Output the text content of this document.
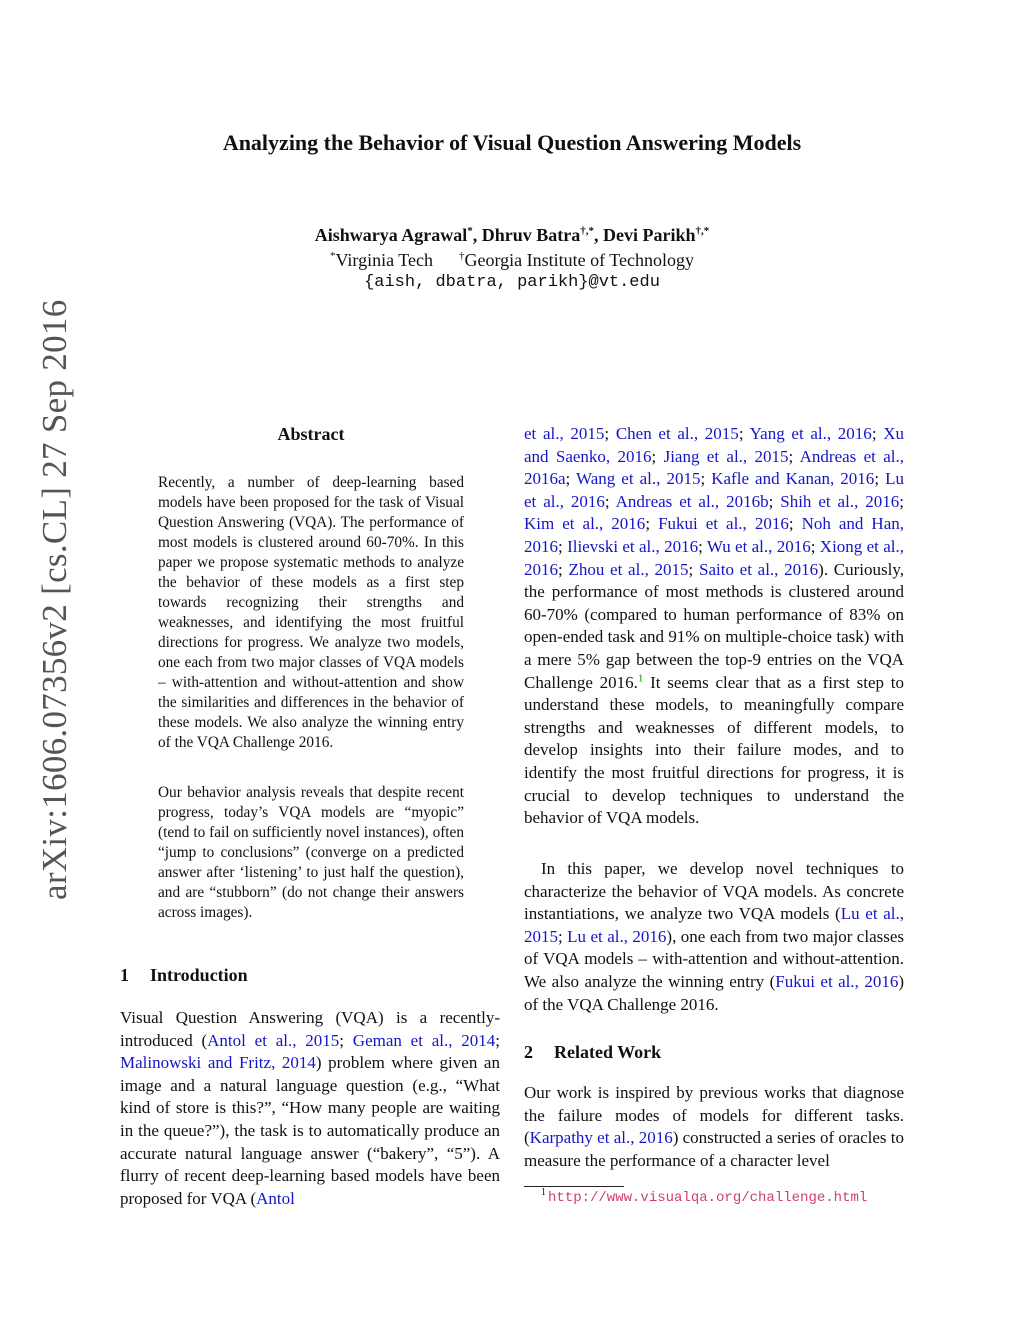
arXiv:1606.07356v2 [cs.CL] 27 Sep 2016
Analyzing the Behavior of Visual Question Answering Models
Aishwarya Agrawal*, Dhruv Batra†,*, Devi Parikh†,*
*Virginia Tech †Georgia Institute of Technology
{aish, dbatra, parikh}@vt.edu
Abstract

Recently, a number of deep-learning based models have been proposed for the task of Visual Question Answering (VQA). The performance of most models is clustered around 60-70%. In this paper we propose systematic methods to analyze the behavior of these models as a first step towards recognizing their strengths and weaknesses, and identifying the most fruitful directions for progress. We analyze two models, one each from two major classes of VQA models – with-attention and without-attention and show the similarities and differences in the behavior of these models. We also analyze the winning entry of the VQA Challenge 2016.

Our behavior analysis reveals that despite recent progress, today’s VQA models are “myopic” (tend to fail on sufficiently novel instances), often “jump to conclusions” (converge on a predicted answer after ‘listening’ to just half the question), and are “stubborn” (do not change their answers across images).

1 Introduction

Visual Question Answering (VQA) is a recently-introduced (Antol et al., 2015; Geman et al., 2014; Malinowski and Fritz, 2014) problem where given an image and a natural language question (e.g., “What kind of store is this?”, “How many people are waiting in the queue?”), the task is to automatically produce an accurate natural language answer (“bakery”, “5”). A flurry of recent deep-learning based models have been proposed for VQA (Antol

et al., 2015; Chen et al., 2015; Yang et al., 2016; Xu and Saenko, 2016; Jiang et al., 2015; Andreas et al., 2016a; Wang et al., 2015; Kafle and Kanan, 2016; Lu et al., 2016; Andreas et al., 2016b; Shih et al., 2016; Kim et al., 2016; Fukui et al., 2016; Noh and Han, 2016; Ilievski et al., 2016; Wu et al., 2016; Xiong et al., 2016; Zhou et al., 2015; Saito et al., 2016). Curiously, the performance of most methods is clustered around 60-70% (compared to human performance of 83% on open-ended task and 91% on multiple-choice task) with a mere 5% gap between the top-9 entries on the VQA Challenge 2016.$^1$ It seems clear that as a first step to understand these models, to meaningfully compare strengths and weaknesses of different models, to develop insights into their failure modes, and to identify the most fruitful directions for progress, it is crucial to develop techniques to understand the behavior of VQA models.

In this paper, we develop novel techniques to characterize the behavior of VQA models. As concrete instantiations, we analyze two VQA models (Lu et al., 2015; Lu et al., 2016), one each from two major classes of VQA models – with-attention and without-attention. We also analyze the winning entry (Fukui et al., 2016) of the VQA Challenge 2016.

2 Related Work

Our work is inspired by previous works that diagnose the failure modes of models for different tasks. (Karpathy et al., 2016) constructed a series of oracles to measure the performance of a character level

$^1$ http://www.visualqa.org/challenge.html
